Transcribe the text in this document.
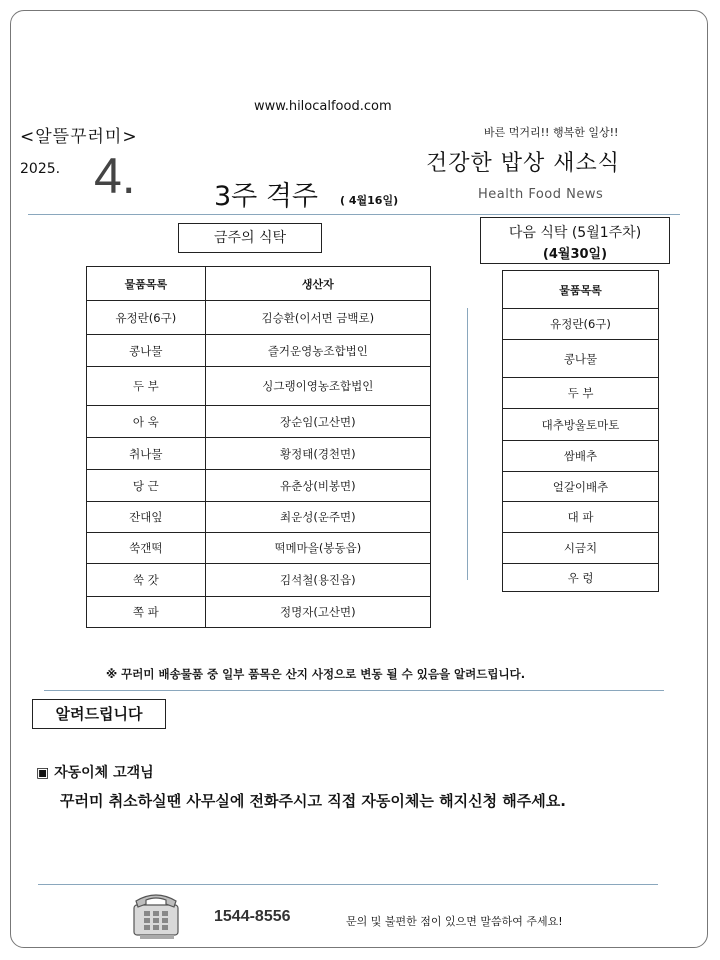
www.hilocalfood.com
<알뜰꾸러미>
2025. 4.	3주 격주 ( 4월16일)
바른 먹거리!! 행복한 일상!!
건강한 밥상 새소식
Health Food News
금주의 식탁	다음 식탁 (5월1주차)
(4월30일)
물품목록	생산자
유정란(6구)	김승환(이서면 금백로)
콩나물	즐거운영농조합법인
두 부	싱그랭이영농조합법인
아 욱	장순임(고산면)
취나물	황정태(경천면)
당 근	유춘상(비봉면)
잔대잎	최운성(운주면)
쑥갠떡	떡메마을(봉동읍)
쑥 갓	김석철(용진읍)
쪽 파	정명자(고산면)
물품목록
유정란(6구)
콩나물
두 부
대추방울토마토
쌈배추
얼갈이배추
대 파
시금치
우 렁
※ 꾸러미 배송물품 중 일부 품목은 산지 사정으로 변동 될 수 있음을 알려드립니다.
알려드립니다
▣ 자동이체 고객님
꾸러미 취소하실땐 사무실에 전화주시고 직접 자동이체는 해지신청 해주세요.
1544-8556	문의 및 불편한 점이 있으면 말씀하여 주세요!
